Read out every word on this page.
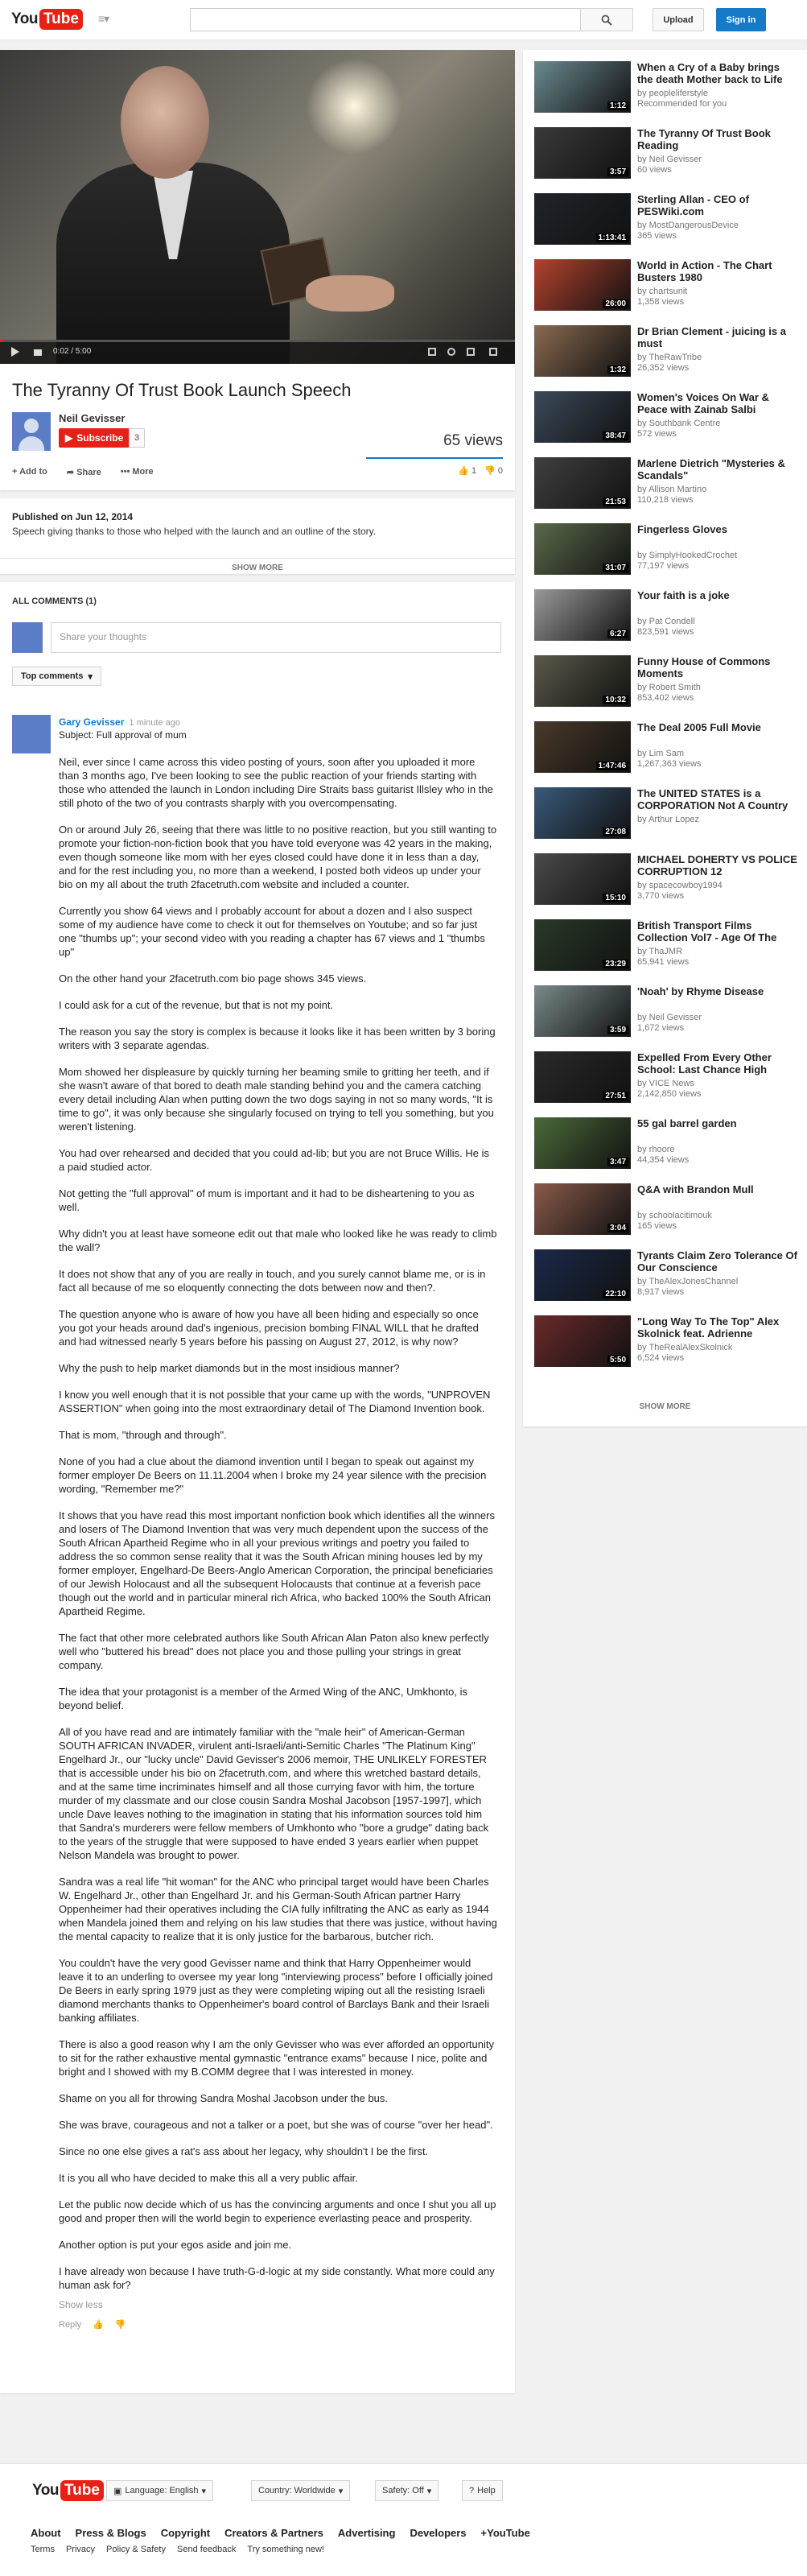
You Tube	≡▾	Upload	Sign in
0:02 / 5:00
The Tyranny Of Trust Book Launch Speech
Neil Gevisser
▶ Subscribe	3	65 views
+ Add to ➦ Share ••• More	👍 1 👎 0
Published on Jun 12, 2014
Speech giving thanks to those who helped with the launch and an outline of the story.
SHOW MORE
ALL COMMENTS (1)
Share your thoughts
Top comments ▾
Gary Gevisser 1 minute ago
Subject: Full approval of mum

Neil, ever since I came across this video posting of yours, soon after you uploaded it more than 3 months ago, I've been looking to see the public reaction of your friends starting with those who attended the launch in London including Dire Straits bass guitarist Illsley who in the still photo of the two of you contrasts sharply with you overcompensating.

On or around July 26, seeing that there was little to no positive reaction, but you still wanting to promote your fiction-non-fiction book that you have told everyone was 42 years in the making, even though someone like mom with her eyes closed could have done it in less than a day, and for the rest including you, no more than a weekend, I posted both videos up under your bio on my all about the truth 2facetruth.com website and included a counter.

Currently you show 64 views and I probably account for about a dozen and I also suspect some of my audience have come to check it out for themselves on Youtube; and so far just one "thumbs up"; your second video with you reading a chapter has 67 views and 1 "thumbs up"

On the other hand your 2facetruth.com bio page shows 345 views.

I could ask for a cut of the revenue, but that is not my point.

The reason you say the story is complex is because it looks like it has been written by 3 boring writers with 3 separate agendas.

Mom showed her displeasure by quickly turning her beaming smile to gritting her teeth, and if she wasn't aware of that bored to death male standing behind you and the camera catching every detail including Alan when putting down the two dogs saying in not so many words, "It is time to go", it was only because she singularly focused on trying to tell you something, but you weren't listening.

You had over rehearsed and decided that you could ad-lib; but you are not Bruce Willis. He is a paid studied actor.

Not getting the "full approval" of mum is important and it had to be disheartening to you as well.

Why didn't you at least have someone edit out that male who looked like he was ready to climb the wall?

It does not show that any of you are really in touch, and you surely cannot blame me, or is in fact all because of me so eloquently connecting the dots between now and then?.

The question anyone who is aware of how you have all been hiding and especially so once you got your heads around dad's ingenious, precision bombing FINAL WILL that he drafted and had witnessed nearly 5 years before his passing on August 27, 2012, is why now?

Why the push to help market diamonds but in the most insidious manner?

I know you well enough that it is not possible that your came up with the words, "UNPROVEN ASSERTION" when going into the most extraordinary detail of The Diamond Invention book.

That is mom, "through and through".

None of you had a clue about the diamond invention until I began to speak out against my former employer De Beers on 11.11.2004 when I broke my 24 year silence with the precision wording, "Remember me?"

It shows that you have read this most important nonfiction book which identifies all the winners and losers of The Diamond Invention that was very much dependent upon the success of the South African Apartheid Regime who in all your previous writings and poetry you failed to address the so common sense reality that it was the South African mining houses led by my former employer, Engelhard-De Beers-Anglo American Corporation, the principal beneficiaries of our Jewish Holocaust and all the subsequent Holocausts that continue at a feverish pace though out the world and in particular mineral rich Africa, who backed 100% the South African Apartheid Regime.

The fact that other more celebrated authors like South African Alan Paton also knew perfectly well who "buttered his bread" does not place you and those pulling your strings in great company.

The idea that your protagonist is a member of the Armed Wing of the ANC, Umkhonto, is beyond belief.

All of you have read and are intimately familiar with the "male heir" of American-German SOUTH AFRICAN INVADER, virulent anti-Israeli/anti-Semitic Charles "The Platinum King" Engelhard Jr., our "lucky uncle" David Gevisser's 2006 memoir, THE UNLIKELY FORESTER that is accessible under his bio on 2facetruth.com, and where this wretched bastard details, and at the same time incriminates himself and all those currying favor with him, the torture murder of my classmate and our close cousin Sandra Moshal Jacobson [1957-1997], which uncle Dave leaves nothing to the imagination in stating that his information sources told him that Sandra's murderers were fellow members of Umkhonto who "bore a grudge" dating back to the years of the struggle that were supposed to have ended 3 years earlier when puppet Nelson Mandela was brought to power.

Sandra was a real life "hit woman" for the ANC who principal target would have been Charles W. Engelhard Jr., other than Engelhard Jr. and his German-South African partner Harry Oppenheimer had their operatives including the CIA fully infiltrating the ANC as early as 1944 when Mandela joined them and relying on his law studies that there was justice, without having the mental capacity to realize that it is only justice for the barbarous, butcher rich.

You couldn't have the very good Gevisser name and think that Harry Oppenheimer would leave it to an underling to oversee my year long "interviewing process" before I officially joined De Beers in early spring 1979 just as they were completing wiping out all the resisting Israeli diamond merchants thanks to Oppenheimer's board control of Barclays Bank and their Israeli banking affiliates.

There is also a good reason why I am the only Gevisser who was ever afforded an opportunity to sit for the rather exhaustive mental gymnastic "entrance exams" because I nice, polite and bright and I showed with my B.COMM degree that I was interested in money.

Shame on you all for throwing Sandra Moshal Jacobson under the bus.

She was brave, courageous and not a talker or a poet, but she was of course "over her head".

Since no one else gives a rat's ass about her legacy, why shouldn't I be the first.

It is you all who have decided to make this all a very public affair.

Let the public now decide which of us has the convincing arguments and once I shut you all up good and proper then will the world begin to experience everlasting peace and prosperity.

Another option is put your egos aside and join me.

I have already won because I have truth-G-d-logic at my side constantly. What more could any human ask for?

Show less
Reply 👍 👎
1:12
When a Cry of a Baby brings the death Mother back to Life
by peopleliferstyle
Recommended for you
3:57
The Tyranny Of Trust Book Reading
by Neil Gevisser
60 views
1:13:41
Sterling Allan - CEO of PESWiki.com
by MostDangerousDevice
365 views
26:00
World in Action - The Chart Busters 1980
by chartsunit
1,358 views
1:32
Dr Brian Clement - juicing is a must
by TheRawTribe
26,352 views
38:47
Women's Voices On War & Peace with Zainab Salbi
by Southbank Centre
572 views
21:53
Marlene Dietrich "Mysteries & Scandals"
by Allison Martino
110,218 views
31:07
Fingerless Gloves
by SimplyHookedCrochet
77,197 views
6:27
Your faith is a joke
by Pat Condell
823,591 views
10:32
Funny House of Commons Moments
by Robert Smith
853,402 views
1:47:46
The Deal 2005 Full Movie
by Lim Sam
1,267,363 views
27:08
The UNITED STATES is a CORPORATION Not A Country
by Arthur Lopez
15:10
MICHAEL DOHERTY VS POLICE CORRUPTION 12
by spacecowboy1994
3,770 views
23:29
British Transport Films Collection Vol7 - Age Of The
by ThaJMR
65,941 views
3:59
'Noah' by Rhyme Disease
by Neil Gevisser
1,672 views
27:51
Expelled From Every Other School: Last Chance High
by VICE News
2,142,850 views
3:47
55 gal barrel garden
by rhoore
44,354 views
3:04
Q&A with Brandon Mull
by schoolacitimouk
165 views
22:10
Tyrants Claim Zero Tolerance Of Our Conscience
by TheAlexJonesChannel
8,917 views
5:50
"Long Way To The Top" Alex Skolnick feat. Adrienne
by TheRealAlexSkolnick
6,524 views
SHOW MORE
You Tube	▣ Language: English ▾	Country: Worldwide ▾	Safety: Off ▾	? Help
About Press & Blogs Copyright Creators & Partners Advertising Developers +YouTube
Terms Privacy Policy & Safety Send feedback Try something new!
